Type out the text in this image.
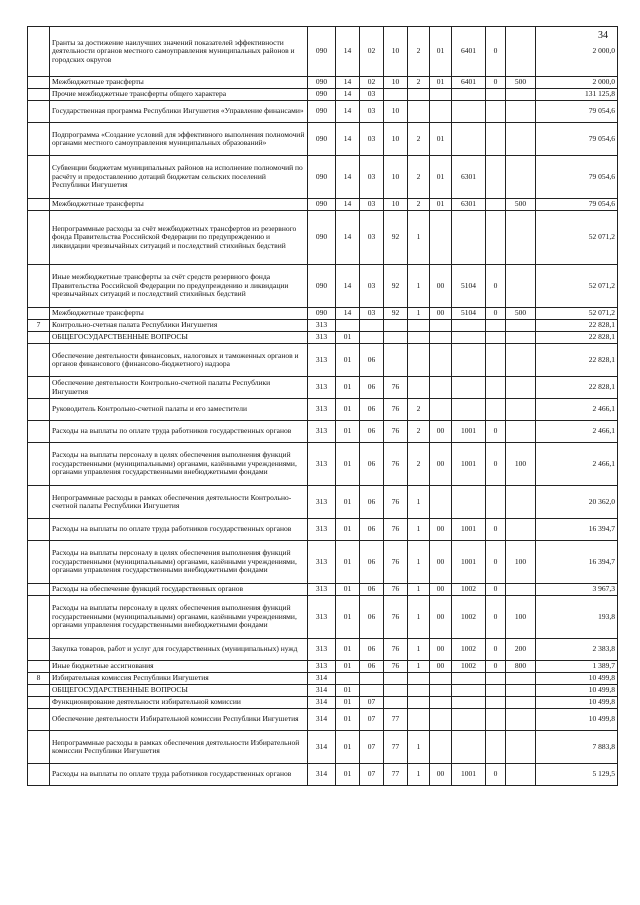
34
	Гранты за достижение наилучших значений показателей эффективности деятельности органов местного самоуправления муниципальных районов и городских округов	090	14	02	10	2	01	6401	0		2 000,0
	Межбюджетные трансферты	090	14	02	10	2	01	6401	0	500	2 000,0
	Прочие межбюджетные трансферты общего характера	090	14	03							131 125,8
	Государственная программа Республики Ингушетия «Управление финансами»	090	14	03	10						79 054,6
	Подпрограмма «Создание условий для эффективного выполнения полномочий органами местного самоуправления муниципальных образований»	090	14	03	10	2	01				79 054,6
	Субвенции бюджетам муниципальных районов на исполнение полномочий по расчёту и предоставлению дотаций бюджетам сельских поселений Республики Ингушетия	090	14	03	10	2	01	6301			79 054,6
	Межбюджетные трансферты	090	14	03	10	2	01	6301		500	79 054,6
	Непрограммные расходы за счёт межбюджетных трансфертов из резервного фонда Правительства Российской Федерации по предупреждению и ликвидации чрезвычайных ситуаций и последствий стихийных бедствий	090	14	03	92	1					52 071,2
	Иные межбюджетные трансферты за счёт средств резервного фонда Правительства Российской Федерации по предупреждению и ликвидации чрезвычайных ситуаций и последствий стихийных бедствий	090	14	03	92	1	00	5104	0		52 071,2
	Межбюджетные трансферты	090	14	03	92	1	00	5104	0	500	52 071,2
7	Контрольно-счетная палата Республики Ингушетия	313									22 828,1
	ОБЩЕГОСУДАРСТВЕННЫЕ ВОПРОСЫ	313	01								22 828,1
	Обеспечение деятельности финансовых, налоговых и таможенных органов и органов финансового (финансово-бюджетного) надзора	313	01	06							22 828,1
	Обеспечение деятельности Контрольно-счетной палаты Республики Ингушетия	313	01	06	76						22 828,1
	Руководитель Контрольно-счетной палаты и его заместители	313	01	06	76	2					2 466,1
	Расходы на выплаты по оплате труда работников государственных органов	313	01	06	76	2	00	1001	0		2 466,1
	Расходы на выплаты персоналу в целях обеспечения выполнения функций государственными (муниципальными) органами, казёнными учреждениями, органами управления государственными внебюджетными фондами	313	01	06	76	2	00	1001	0	100	2 466,1
	Непрограммные расходы в рамках обеспечения деятельности Контрольно-счетной палаты Республики Ингушетия	313	01	06	76	1					20 362,0
	Расходы на выплаты по оплате труда работников государственных органов	313	01	06	76	1	00	1001	0		16 394,7
	Расходы на выплаты персоналу в целях обеспечения выполнения функций государственными (муниципальными) органами, казёнными учреждениями, органами управления государственными внебюджетными фондами	313	01	06	76	1	00	1001	0	100	16 394,7
	Расходы на обеспечение функций государственных органов	313	01	06	76	1	00	1002	0		3 967,3
	Расходы на выплаты персоналу в целях обеспечения выполнения функций государственными (муниципальными) органами, казёнными учреждениями, органами управления государственными внебюджетными фондами	313	01	06	76	1	00	1002	0	100	193,8
	Закупка товаров, работ и услуг для государственных (муниципальных) нужд	313	01	06	76	1	00	1002	0	200	2 383,8
	Иные бюджетные ассигнования	313	01	06	76	1	00	1002	0	800	1 389,7
8	Избирательная комиссия Республики Ингушетия	314									10 499,8
	ОБЩЕГОСУДАРСТВЕННЫЕ ВОПРОСЫ	314	01								10 499,8
	Функционирование деятельности избирательной комиссии	314	01	07							10 499,8
	Обеспечение деятельности Избирательной комиссии Республики Ингушетия	314	01	07	77						10 499,8
	Непрограммные расходы в рамках обеспечения деятельности Избирательной комиссии Республики Ингушетия	314	01	07	77	1					7 883,8
	Расходы на выплаты по оплате труда работников государственных органов	314	01	07	77	1	00	1001	0		5 129,5
